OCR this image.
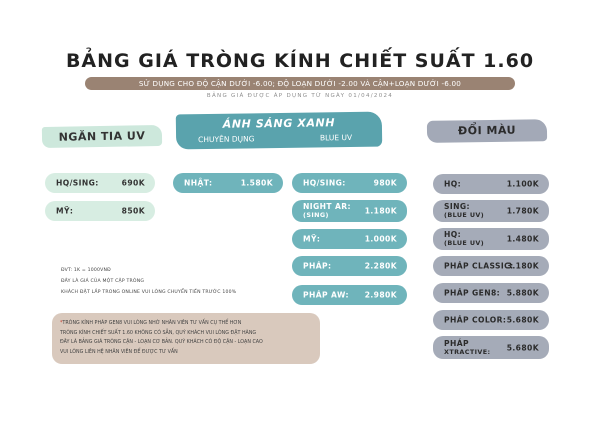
BẢNG GIÁ TRÒNG KÍNH CHIẾT SUẤT 1.60
SỬ DỤNG CHO ĐỘ CẬN DƯỚI -6.00; ĐỘ LOẠN DƯỚI -2.00 VÀ CẬN+LOẠN DƯỚI -6.00
BẢNG GIÁ ĐƯỢC ÁP DỤNG TỪ NGÀY 01/04/2024
NGĂN TIA UV
HQ/SING:	690K
MỸ:	850K
ÁNH SÁNG XANH
CHUYÊN DỤNG	BLUE UV
NHẬT:	1.580K	HQ/SING:	980K
NIGHT AR:
(SING)	1.180K
MỸ:	1.000K
PHÁP:	2.280K
PHÁP AW: 2.980K
ĐỔI MÀU
HQ:	1.100K
SING:
(BLUE UV)	1.780K
HQ:
(BLUE UV)	1.480K
PHÁP CLASSIC:
3.180K
PHÁP GEN8: 5.880K
PHÁP COLOR: 5.680K
PHÁP
XTRACTIVE: 5.680K
ĐVT: 1K = 1000VNĐ
ĐÂY LÀ GIÁ CỦA MỘT CẶP TRÒNG
KHÁCH ĐẶT LẮP TRONG ONLINE VUI LÒNG CHUYỂN TIỀN TRƯỚC 100%
*TRÒNG KÍNH PHÁP GEN8 VUI LÒNG NHỜ NHÂN VIÊN TƯ VẤN CỤ THỂ HƠN
TRÒNG KÍNH CHIẾT SUẤT 1.60 KHÔNG CÓ SẴN, QUÝ KHÁCH VUI LÒNG ĐẶT HÀNG
ĐÂY LÀ BẢNG GIÁ TRÒNG CẬN - LOẠN CƠ BẢN. QUÝ KHÁCH CÓ ĐỘ CẬN - LOẠN CAO
VUI LÒNG LIÊN HỆ NHÂN VIÊN ĐỂ ĐƯỢC TƯ VẤN
